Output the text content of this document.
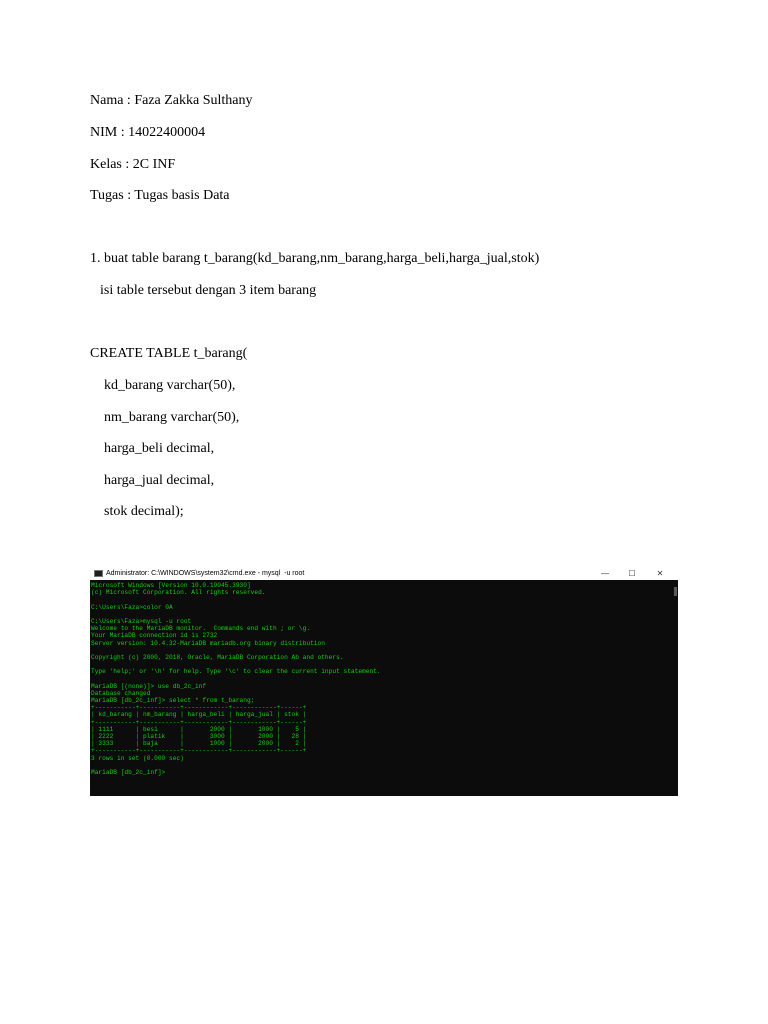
Nama : Faza Zakka Sulthany
NIM : 14022400004
Kelas : 2C INF
Tugas : Tugas basis Data
1. buat table barang t_barang(kd_barang,nm_barang,harga_beli,harga_jual,stok)
isi table tersebut dengan 3 item barang
CREATE TABLE t_barang(
kd_barang varchar(50),
nm_barang varchar(50),
harga_beli decimal,
harga_jual decimal,
stok decimal);
Administrator: C:\WINDOWS\system32\cmd.exe - mysql  -u root	—	☐	✕
Microsoft Windows [Version 10.0.19045.3930]
(c) Microsoft Corporation. All rights reserved.
C:\Users\Faza>color 0A
C:\Users\Faza>mysql -u root
Welcome to the MariaDB monitor.  Commands end with ; or \g.
Your MariaDB connection id is 2732
Server version: 10.4.32-MariaDB mariadb.org binary distribution
Copyright (c) 2000, 2018, Oracle, MariaDB Corporation Ab and others.
Type 'help;' or '\h' for help. Type '\c' to clear the current input statement.
MariaDB [(none)]> use db_2c_inf
Database changed
MariaDB [db_2c_inf]> select * from t_barang;
+-----------+-----------+------------+------------+------+
| kd_barang | nm_barang | harga_beli | harga_jual | stok |
+-----------+-----------+------------+------------+------+
| 1111      | besi      |       2000 |       1000 |    5 |
| 2222      | platik    |       3000 |       2000 |   28 |
| 3333      | baja      |       1000 |       2000 |    2 |
+-----------+-----------+------------+------------+------+
3 rows in set (0.000 sec)
MariaDB [db_2c_inf]>
